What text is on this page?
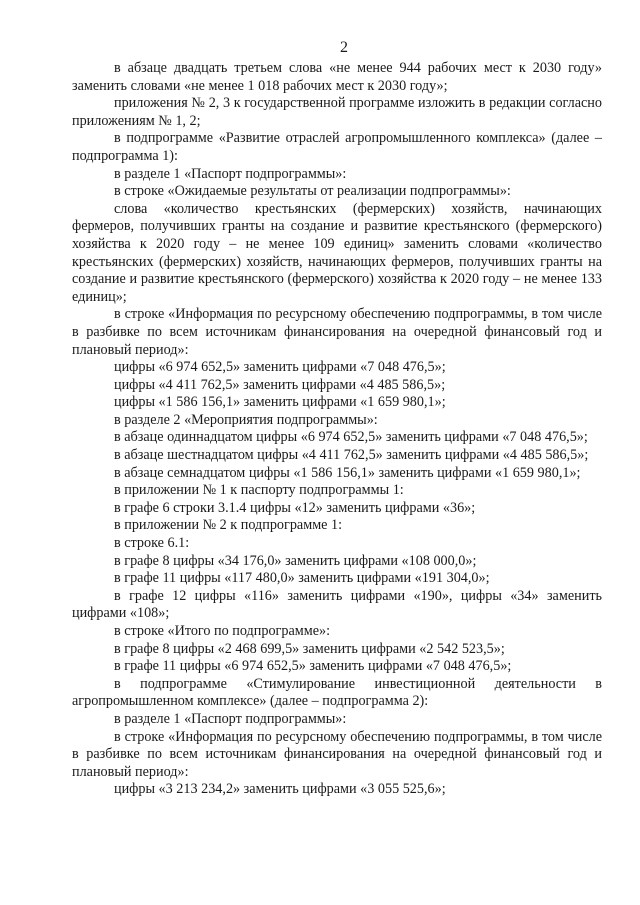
2

в абзаце двадцать третьем слова «не менее 944 рабочих мест к 2030 году» заменить словами «не менее 1 018 рабочих мест к 2030 году»;

приложения № 2, 3 к государственной программе изложить в редакции согласно приложениям № 1, 2;

в подпрограмме «Развитие отраслей агропромышленного комплекса» (далее – подпрограмма 1):

в разделе 1 «Паспорт подпрограммы»:

в строке «Ожидаемые результаты от реализации подпрограммы»:

слова «количество крестьянских (фермерских) хозяйств, начинающих фермеров, получивших гранты на создание и развитие крестьянского (фермерского) хозяйства к 2020 году – не менее 109 единиц» заменить словами «количество крестьянских (фермерских) хозяйств, начинающих фермеров, получивших гранты на создание и развитие крестьянского (фермерского) хозяйства к 2020 году – не менее 133 единиц»;

в строке «Информация по ресурсному обеспечению подпрограммы, в том числе в разбивке по всем источникам финансирования на очередной финансовый год и плановый период»:

цифры «6 974 652,5» заменить цифрами «7 048 476,5»;

цифры «4 411 762,5» заменить цифрами «4 485 586,5»;

цифры «1 586 156,1» заменить цифрами «1 659 980,1»;

в разделе 2 «Мероприятия подпрограммы»:

в абзаце одиннадцатом цифры «6 974 652,5» заменить цифрами «7 048 476,5»;

в абзаце шестнадцатом цифры «4 411 762,5» заменить цифрами «4 485 586,5»;

в абзаце семнадцатом цифры «1 586 156,1» заменить цифрами «1 659 980,1»;

в приложении № 1 к паспорту подпрограммы 1:

в графе 6 строки 3.1.4 цифры «12» заменить цифрами «36»;

в приложении № 2 к подпрограмме 1:

в строке 6.1:

в графе 8 цифры «34 176,0» заменить цифрами «108 000,0»;

в графе 11 цифры «117 480,0» заменить цифрами «191 304,0»;

в графе 12 цифры «116» заменить цифрами «190», цифры «34» заменить цифрами «108»;

в строке «Итого по подпрограмме»:

в графе 8 цифры «2 468 699,5» заменить цифрами «2 542 523,5»;

в графе 11 цифры «6 974 652,5» заменить цифрами «7 048 476,5»;

в подпрограмме «Стимулирование инвестиционной деятельности в агропромышленном комплексе» (далее – подпрограмма 2):

в разделе 1 «Паспорт подпрограммы»:

в строке «Информация по ресурсному обеспечению подпрограммы, в том числе в разбивке по всем источникам финансирования на очередной финансовый год и плановый период»:

цифры «3 213 234,2» заменить цифрами «3 055 525,6»;
